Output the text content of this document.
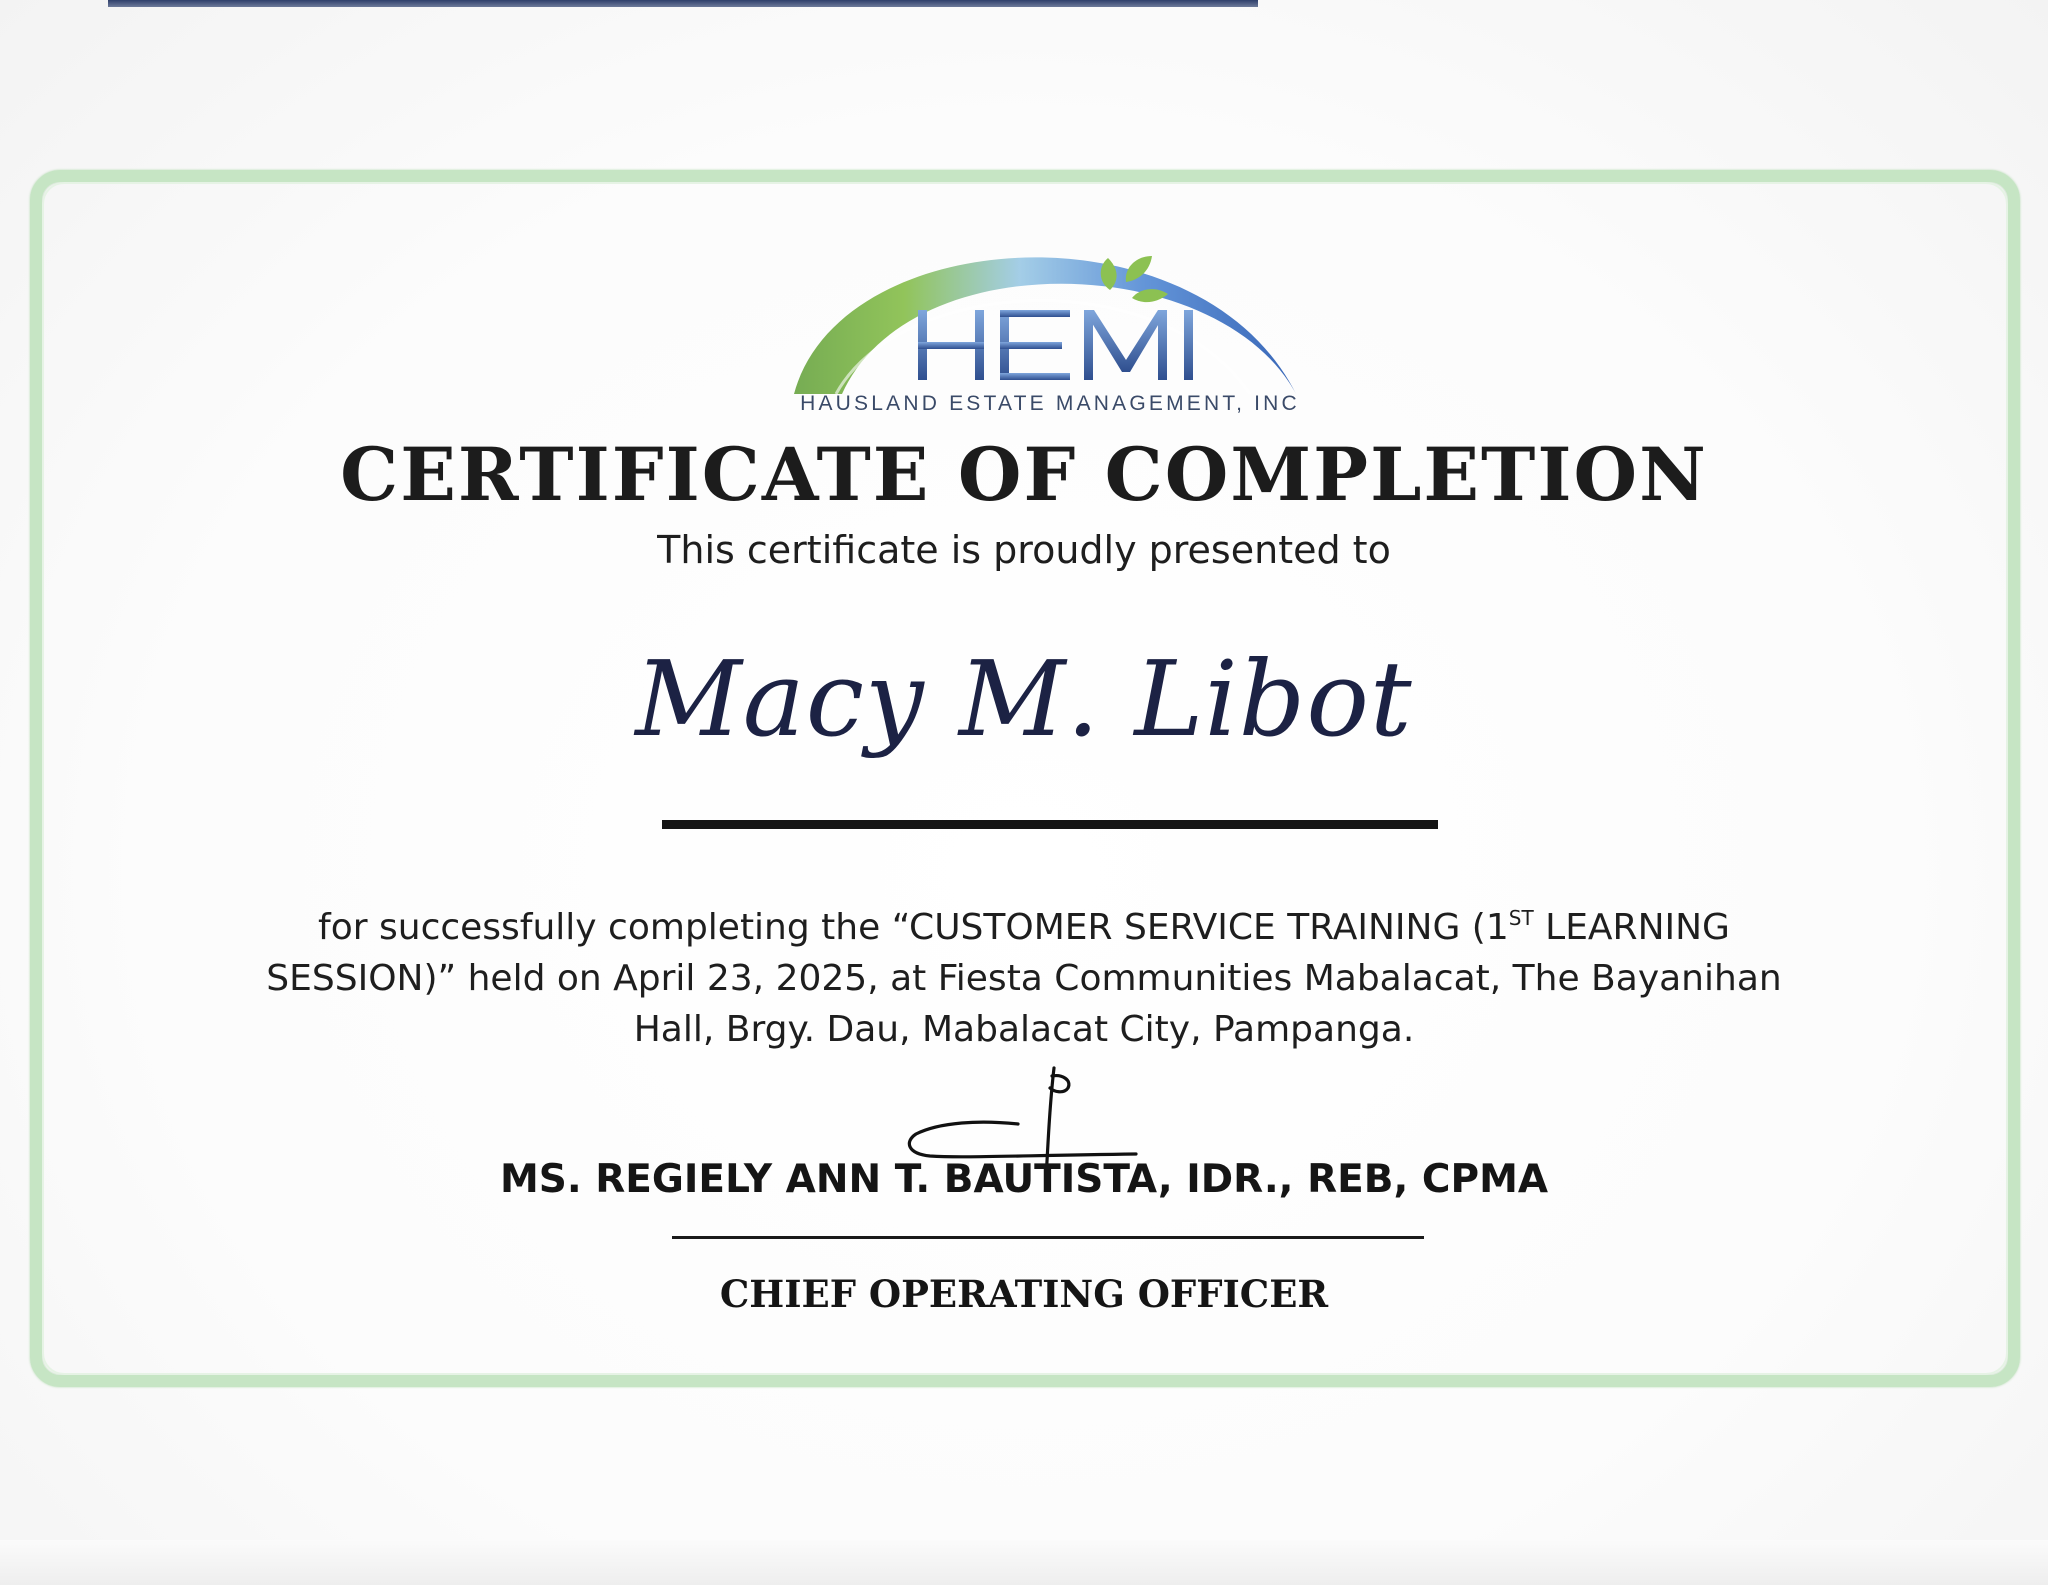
HAUSLAND ESTATE MANAGEMENT, INC
CERTIFICATE OF COMPLETION
This certificate is proudly presented to
Macy M. Libot
for successfully completing the “CUSTOMER SERVICE TRAINING (1ST LEARNING
SESSION)” held on April 23, 2025, at Fiesta Communities Mabalacat, The Bayanihan
Hall, Brgy. Dau, Mabalacat City, Pampanga.
MS. REGIELY ANN T. BAUTISTA, IDR., REB, CPMA
CHIEF OPERATING OFFICER
